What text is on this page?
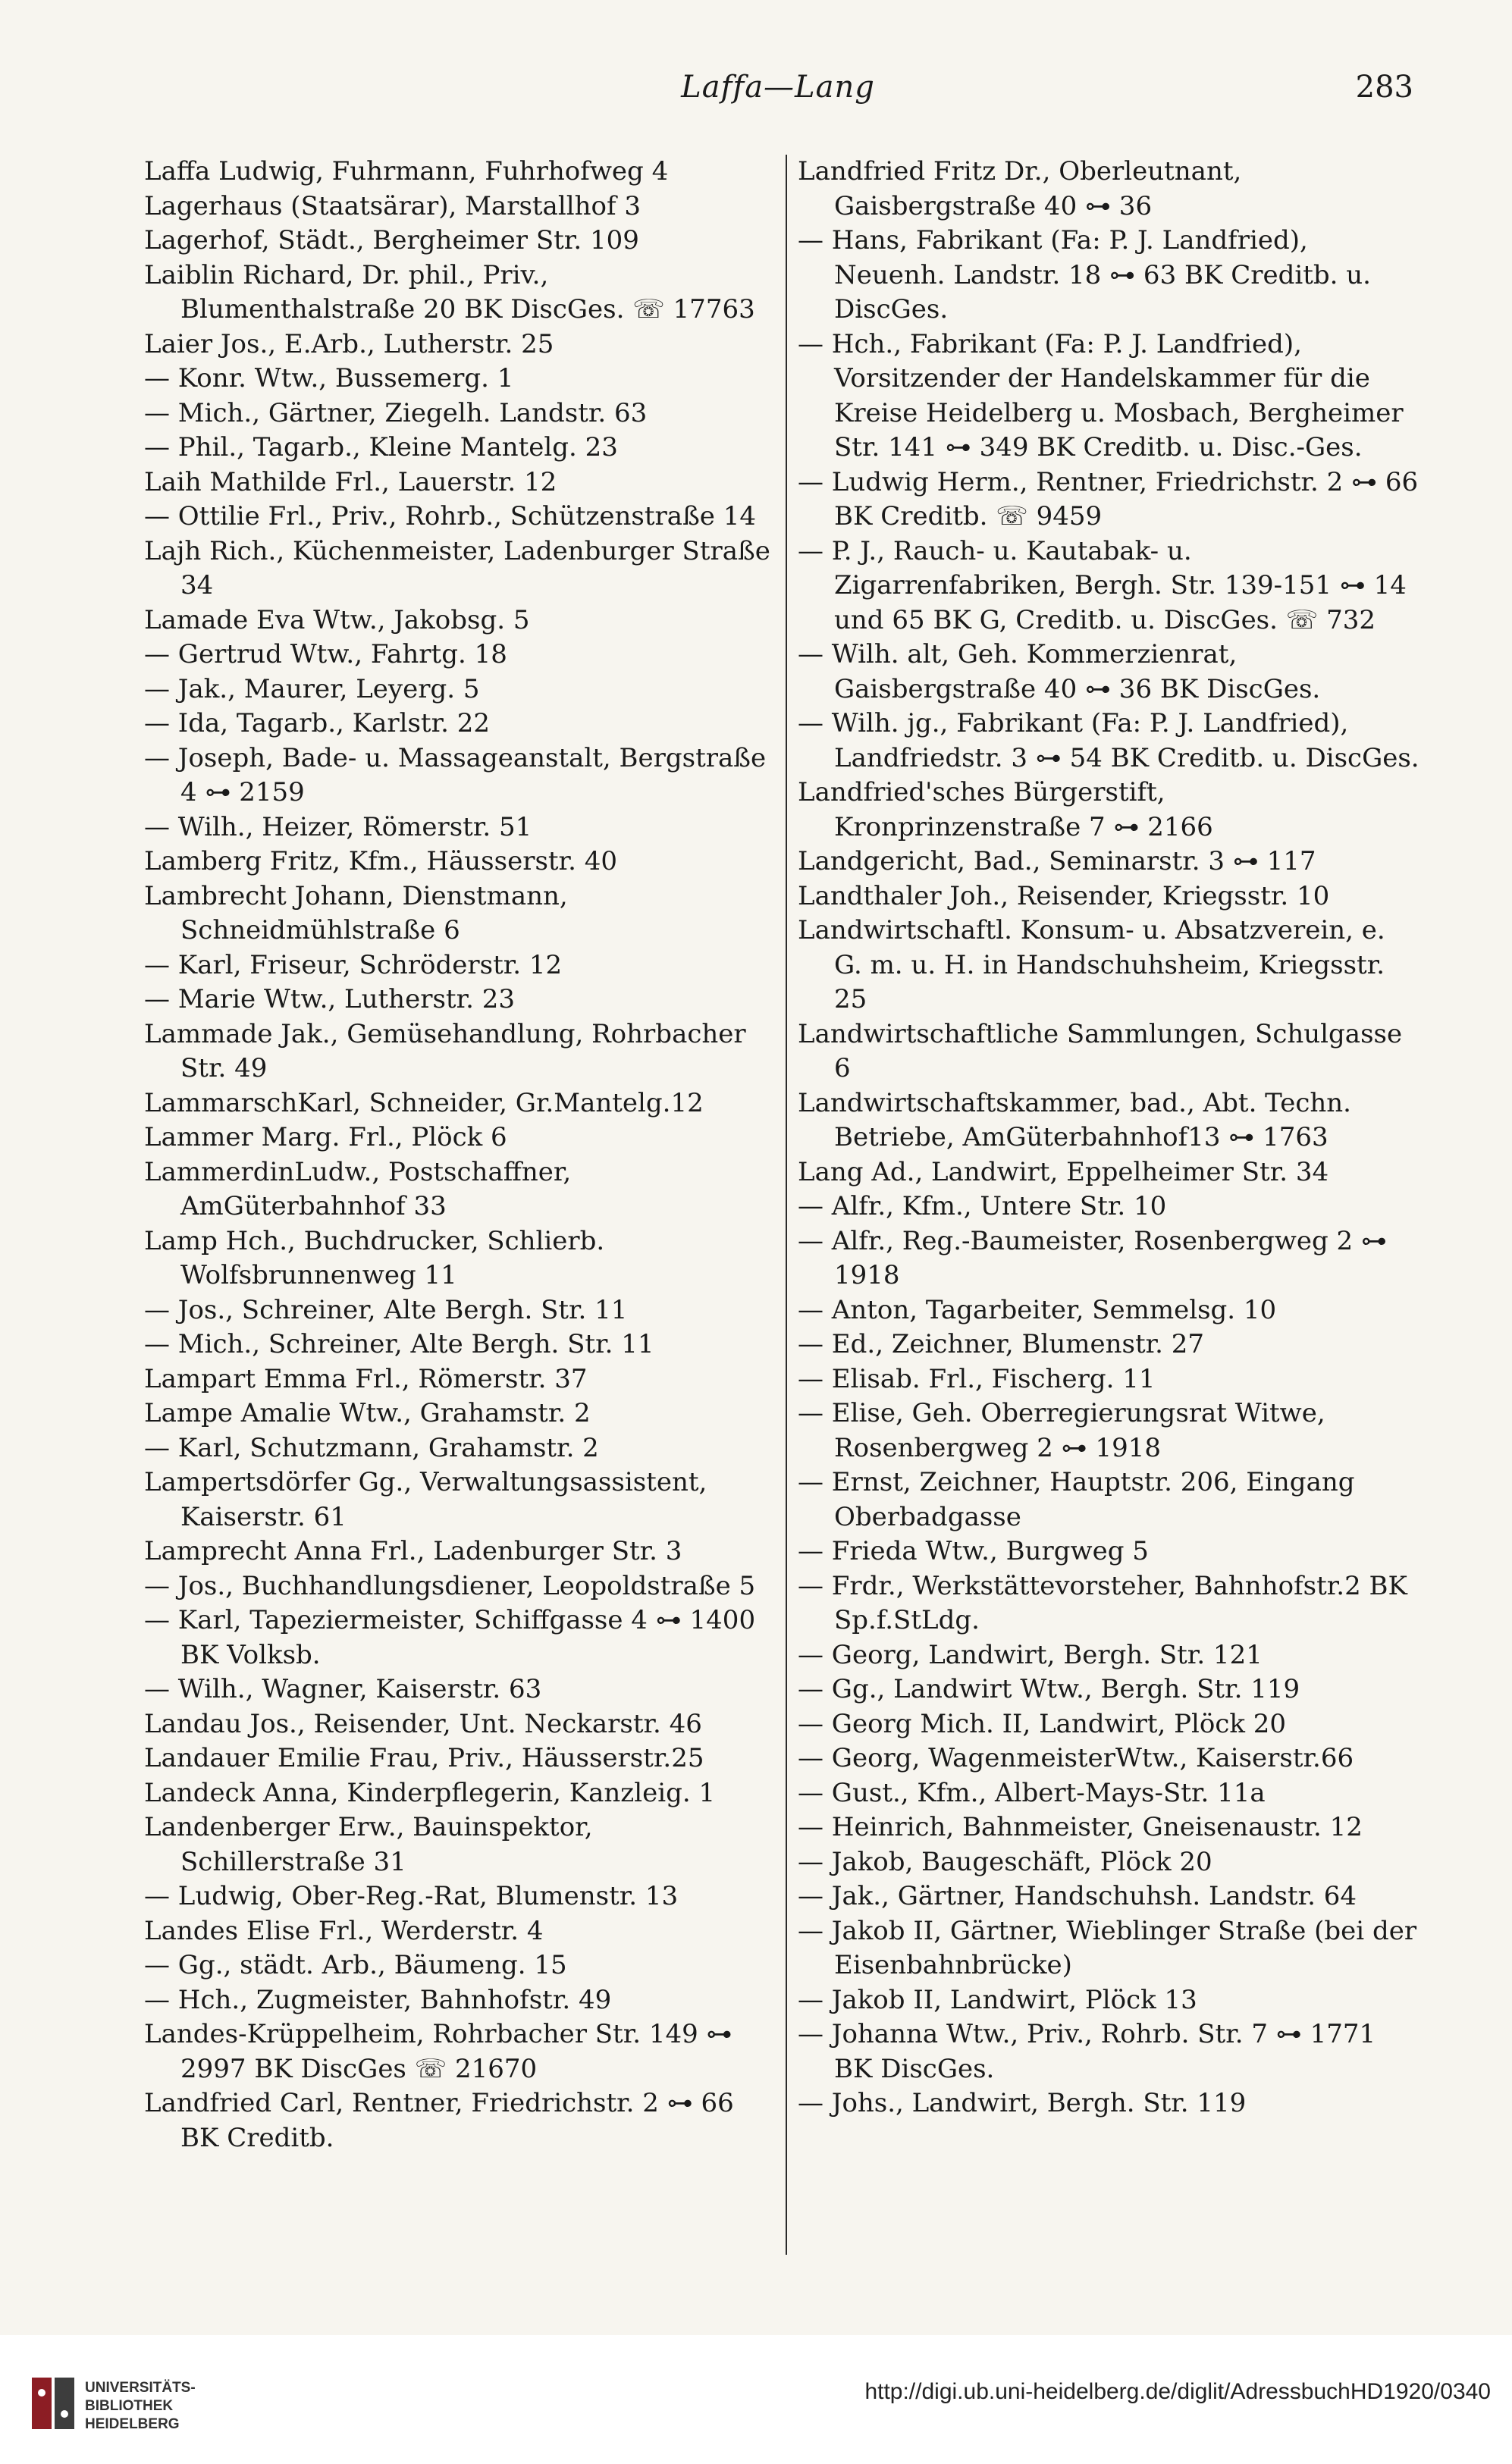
Laffa—Lang	283

Laffa Ludwig, Fuhrmann, Fuhrhofweg 4

Lagerhaus (Staatsärar), Marstallhof 3

Lagerhof, Städt., Bergheimer Str. 109

Laiblin Richard, Dr. phil., Priv., Blumenthalstraße 20 BK DiscGes. ☏ 17763

Laier Jos., E.Arb., Lutherstr. 25

— Konr. Wtw., Bussemerg. 1

— Mich., Gärtner, Ziegelh. Landstr. 63

— Phil., Tagarb., Kleine Mantelg. 23

Laih Mathilde Frl., Lauerstr. 12

— Ottilie Frl., Priv., Rohrb., Schützenstraße 14

Lajh Rich., Küchenmeister, Ladenburger Straße 34

Lamade Eva Wtw., Jakobsg. 5

— Gertrud Wtw., Fahrtg. 18

— Jak., Maurer, Leyerg. 5

— Ida, Tagarb., Karlstr. 22

— Joseph, Bade- u. Massageanstalt, Bergstraße 4 ⊶ 2159

— Wilh., Heizer, Römerstr. 51

Lamberg Fritz, Kfm., Häusserstr. 40

Lambrecht Johann, Dienstmann, Schneidmühlstraße 6

— Karl, Friseur, Schröderstr. 12

— Marie Wtw., Lutherstr. 23

Lammade Jak., Gemüsehandlung, Rohrbacher Str. 49

LammarschKarl, Schneider, Gr.Mantelg.12

Lammer Marg. Frl., Plöck 6

LammerdinLudw., Postschaffner, AmGüterbahnhof 33

Lamp Hch., Buchdrucker, Schlierb. Wolfsbrunnenweg 11

— Jos., Schreiner, Alte Bergh. Str. 11

— Mich., Schreiner, Alte Bergh. Str. 11

Lampart Emma Frl., Römerstr. 37

Lampe Amalie Wtw., Grahamstr. 2

— Karl, Schutzmann, Grahamstr. 2

Lampertsdörfer Gg., Verwaltungsassistent, Kaiserstr. 61

Lamprecht Anna Frl., Ladenburger Str. 3

— Jos., Buchhandlungsdiener, Leopoldstraße 5

— Karl, Tapeziermeister, Schiffgasse 4 ⊶ 1400 BK Volksb.

— Wilh., Wagner, Kaiserstr. 63

Landau Jos., Reisender, Unt. Neckarstr. 46

Landauer Emilie Frau, Priv., Häusserstr.25

Landeck Anna, Kinderpflegerin, Kanzleig. 1

Landenberger Erw., Bauinspektor, Schillerstraße 31

— Ludwig, Ober-Reg.-Rat, Blumenstr. 13

Landes Elise Frl., Werderstr. 4

— Gg., städt. Arb., Bäumeng. 15

— Hch., Zugmeister, Bahnhofstr. 49

Landes-Krüppelheim, Rohrbacher Str. 149 ⊶ 2997 BK DiscGes ☏ 21670

Landfried Carl, Rentner, Friedrichstr. 2 ⊶ 66 BK Creditb.

Landfried Fritz Dr., Oberleutnant, Gaisbergstraße 40 ⊶ 36

— Hans, Fabrikant (Fa: P. J. Landfried), Neuenh. Landstr. 18 ⊶ 63 BK Creditb. u. DiscGes.

— Hch., Fabrikant (Fa: P. J. Landfried), Vorsitzender der Handelskammer für die Kreise Heidelberg u. Mosbach, Bergheimer Str. 141 ⊶ 349 BK Creditb. u. Disc.-Ges.

— Ludwig Herm., Rentner, Friedrichstr. 2 ⊶ 66 BK Creditb. ☏ 9459

— P. J., Rauch- u. Kautabak- u. Zigarrenfabriken, Bergh. Str. 139-151 ⊶ 14 und 65 BK G, Creditb. u. DiscGes. ☏ 732

— Wilh. alt, Geh. Kommerzienrat, Gaisbergstraße 40 ⊶ 36 BK DiscGes.

— Wilh. jg., Fabrikant (Fa: P. J. Landfried), Landfriedstr. 3 ⊶ 54 BK Creditb. u. DiscGes.

Landfried'sches Bürgerstift, Kronprinzenstraße 7 ⊶ 2166

Landgericht, Bad., Seminarstr. 3 ⊶ 117

Landthaler Joh., Reisender, Kriegsstr. 10

Landwirtschaftl. Konsum- u. Absatzverein, e. G. m. u. H. in Handschuhsheim, Kriegsstr. 25

Landwirtschaftliche Sammlungen, Schulgasse 6

Landwirtschaftskammer, bad., Abt. Techn. Betriebe, AmGüterbahnhof13 ⊶ 1763

Lang Ad., Landwirt, Eppelheimer Str. 34

— Alfr., Kfm., Untere Str. 10

— Alfr., Reg.-Baumeister, Rosenbergweg 2 ⊶ 1918

— Anton, Tagarbeiter, Semmelsg. 10

— Ed., Zeichner, Blumenstr. 27

— Elisab. Frl., Fischerg. 11

— Elise, Geh. Oberregierungsrat Witwe, Rosenbergweg 2 ⊶ 1918

— Ernst, Zeichner, Hauptstr. 206, Eingang Oberbadgasse

— Frieda Wtw., Burgweg 5

— Frdr., Werkstättevorsteher, Bahnhofstr.2 BK Sp.f.StLdg.

— Georg, Landwirt, Bergh. Str. 121

— Gg., Landwirt Wtw., Bergh. Str. 119

— Georg Mich. II, Landwirt, Plöck 20

— Georg, WagenmeisterWtw., Kaiserstr.66

— Gust., Kfm., Albert-Mays-Str. 11a

— Heinrich, Bahnmeister, Gneisenaustr. 12

— Jakob, Baugeschäft, Plöck 20

— Jak., Gärtner, Handschuhsh. Landstr. 64

— Jakob II, Gärtner, Wieblinger Straße (bei der Eisenbahnbrücke)

— Jakob II, Landwirt, Plöck 13

— Johanna Wtw., Priv., Rohrb. Str. 7 ⊶ 1771 BK DiscGes.

— Johs., Landwirt, Bergh. Str. 119

UNIVERSITÄTS-
BIBLIOTHEK
HEIDELBERG
http://digi.ub.uni-heidelberg.de/diglit/AdressbuchHD1920/0340
